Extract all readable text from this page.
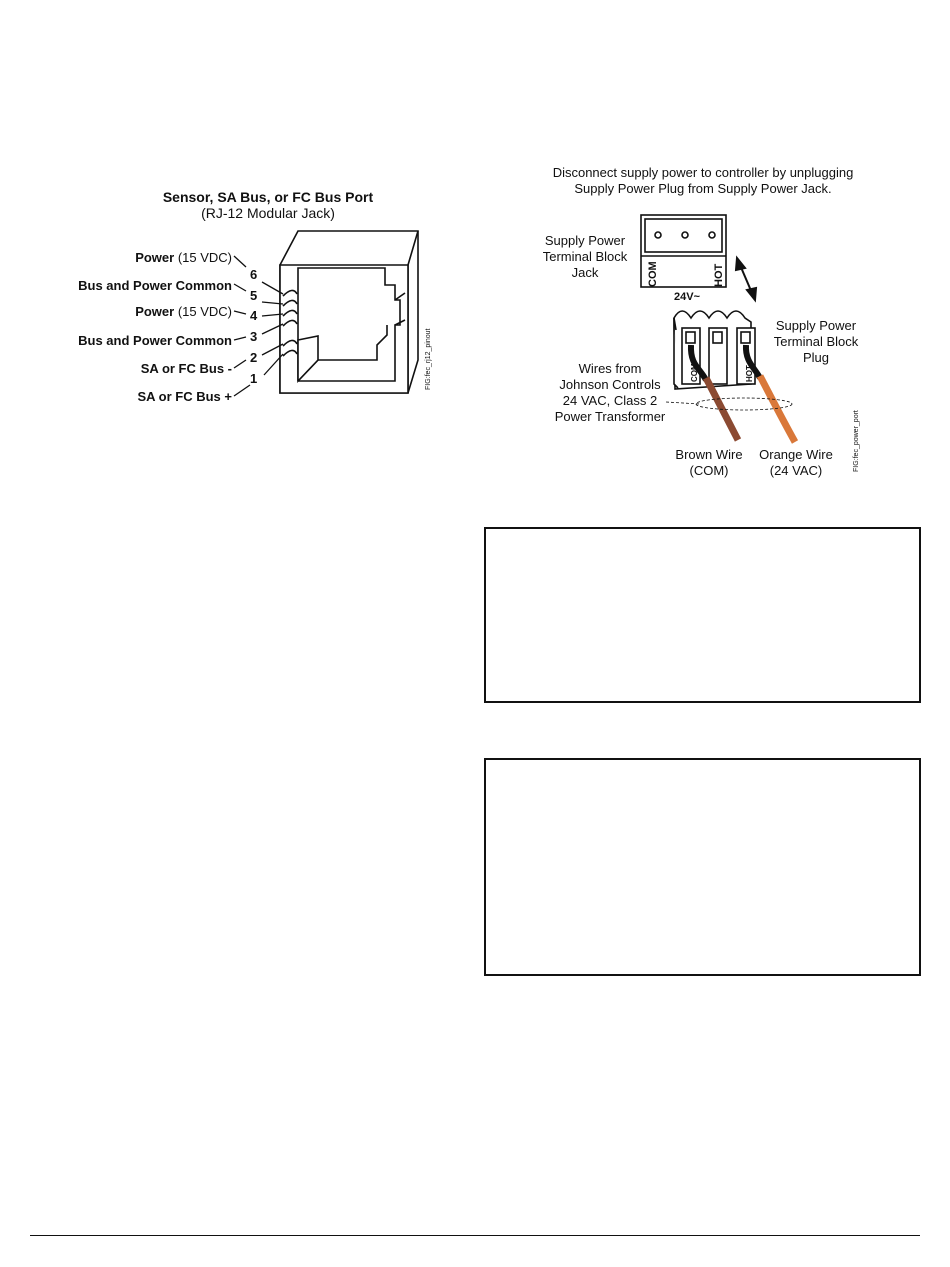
Sensor, SA Bus, or FC Bus Port
(RJ-12 Modular Jack)
Power (15 VDC)
Bus and Power Common
Power (15 VDC)
Bus and Power Common
SA or FC Bus -
SA or FC Bus +
6
5
4
3
2
1	FIG:fec_rj12_pinout
Disconnect supply power to controller by unplugging
Supply Power Plug from Supply Power Jack.
COM	HOT
Supply Power
Terminal Block
Jack
24V~
COM	HOT
Supply Power
Terminal Block
Plug
Wires from
Johnson Controls
24 VAC, Class 2
Power Transformer
Brown Wire
(COM)
Orange Wire
(24 VAC)	FIG:fec_power_port
